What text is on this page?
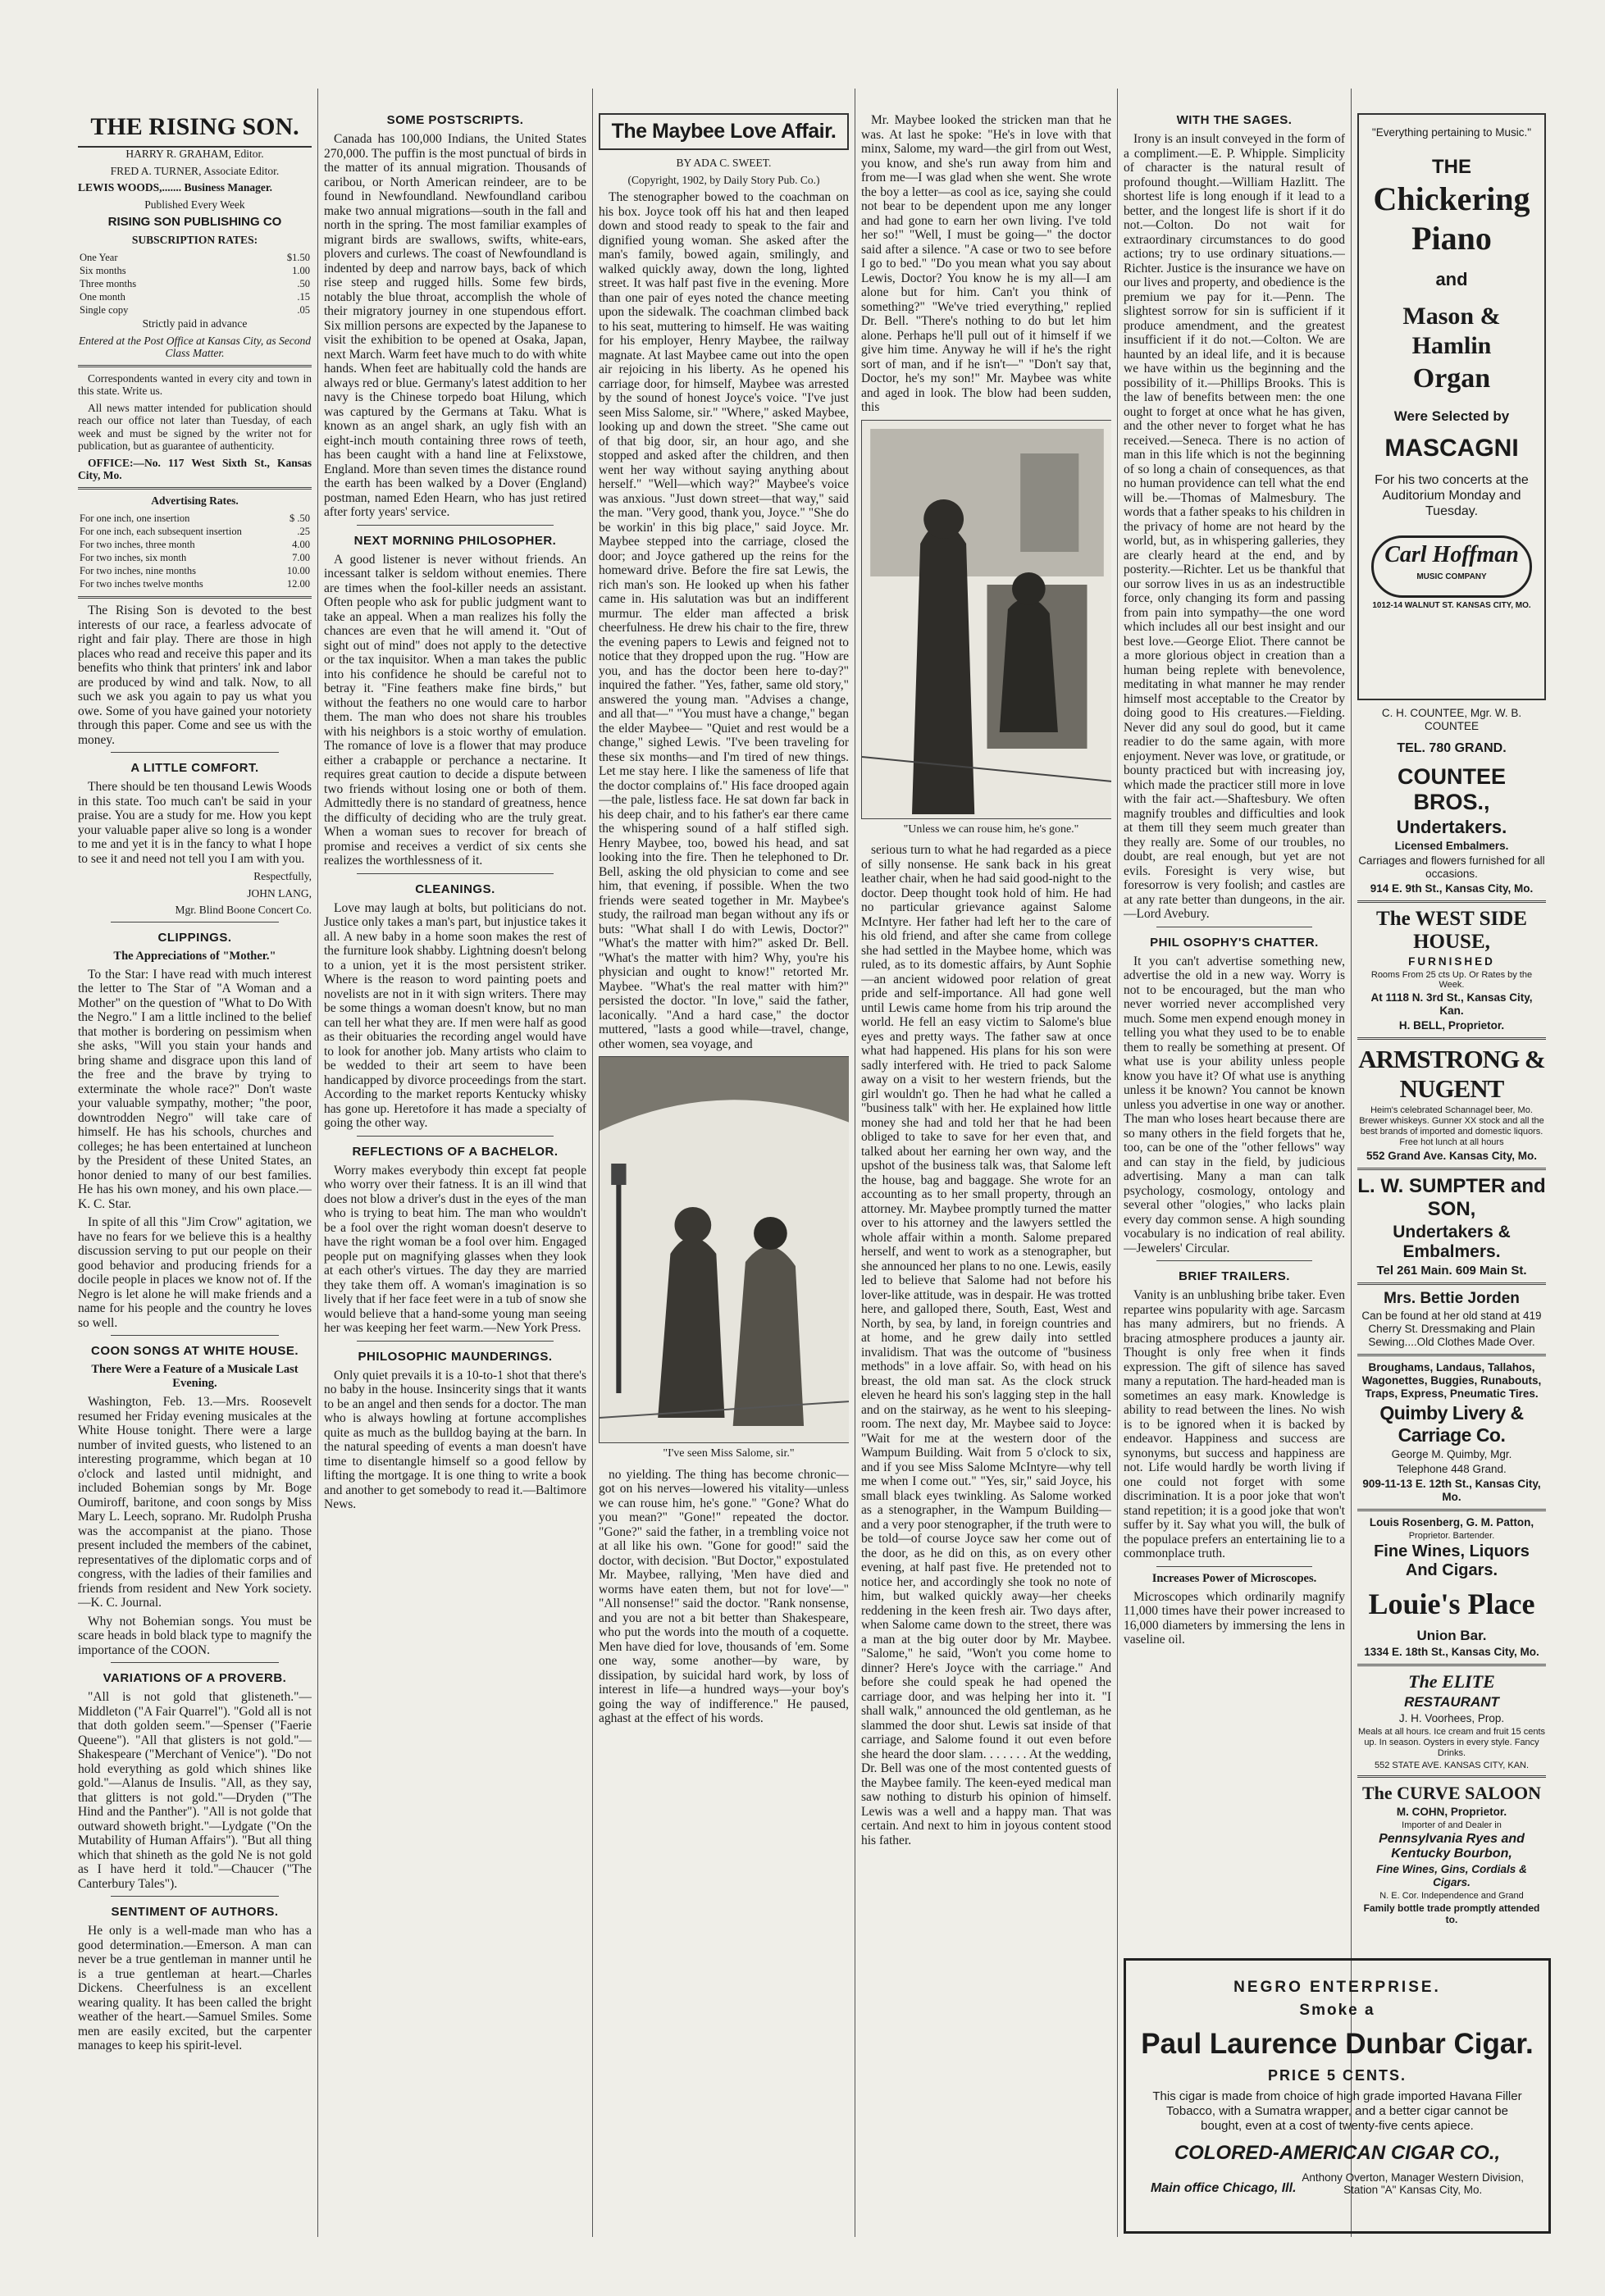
THE RISING SON.

HARRY R. GRAHAM, Editor.

FRED A. TURNER, Associate Editor.

LEWIS WOODS,....... Business Manager.

Published Every Week

RISING SON PUBLISHING CO

SUBSCRIPTION RATES:

One Year	$1.50
Six months	1.00
Three months	.50
One month	.15
Single copy	.05

Strictly paid in advance

Entered at the Post Office at Kansas City, as Second Class Matter.

Correspondents wanted in every city and town in this state. Write us.

All news matter intended for publication should reach our office not later than Tuesday, of each week and must be signed by the writer not for publication, but as guarantee of authenticity.

OFFICE:—No. 117 West Sixth St., Kansas City, Mo.

Advertising Rates.

For one inch, one insertion	$ .50
For one inch, each subsequent insertion	.25
For two inches, three month	4.00
For two inches, six month	7.00
For two inches, nine months	10.00
For two inches twelve months	12.00

The Rising Son is devoted to the best interests of our race, a fearless advocate of right and fair play. There are those in high places who read and receive this paper and its benefits who think that printers' ink and labor are produced by wind and talk. Now, to all such we ask you again to pay us what you owe. Some of you have gained your notoriety through this paper. Come and see us with the money.

A LITTLE COMFORT.

There should be ten thousand Lewis Woods in this state. Too much can't be said in your praise. You are a study for me. How you kept your valuable paper alive so long is a wonder to me and yet it is in the fancy to what I hope to see it and need not tell you I am with you.

Respectfully,

JOHN LANG,

Mgr. Blind Boone Concert Co.

CLIPPINGS.
The Appreciations of "Mother."

To the Star: I have read with much interest the letter to The Star of "A Woman and a Mother" on the question of "What to Do With the Negro." I am a little inclined to the belief that mother is bordering on pessimism when she asks, "Will you stain your hands and bring shame and disgrace upon this land of the free and the brave by trying to exterminate the whole race?" Don't waste your valuable sympathy, mother; "the poor, downtrodden Negro" will take care of himself. He has his schools, churches and colleges; he has been entertained at luncheon by the President of these United States, an honor denied to many of our best families. He has his own money, and his own place.—K. C. Star.

In spite of all this "Jim Crow" agitation, we have no fears for we believe this is a healthy discussion serving to put our people on their good behavior and producing friends for a docile people in places we know not of. If the Negro is let alone he will make friends and a name for his people and the country he loves so well.

COON SONGS AT WHITE HOUSE.
There Were a Feature of a Musicale Last Evening.

Washington, Feb. 13.—Mrs. Roosevelt resumed her Friday evening musicales at the White House tonight. There were a large number of invited guests, who listened to an interesting programme, which began at 10 o'clock and lasted until midnight, and included Bohemian songs by Mr. Boge Oumiroff, baritone, and coon songs by Miss Mary L. Leech, soprano. Mr. Rudolph Prusha was the accompanist at the piano. Those present included the members of the cabinet, representatives of the diplomatic corps and of congress, with the ladies of their families and friends from resident and New York society.—K. C. Journal.

Why not Bohemian songs. You must be scare heads in bold black type to magnify the importance of the COON.

VARIATIONS OF A PROVERB.

"All is not gold that glisteneth."—Middleton ("A Fair Quarrel"). "Gold all is not that doth golden seem."—Spenser ("Faerie Queene"). "All that glisters is not gold."—Shakespeare ("Merchant of Venice"). "Do not hold everything as gold which shines like gold."—Alanus de Insulis. "All, as they say, that glitters is not gold."—Dryden ("The Hind and the Panther"). "All is not golde that outward showeth bright."—Lydgate ("On the Mutability of Human Affairs"). "But all thing which that shineth as the gold Ne is not gold as I have herd it told."—Chaucer ("The Canterbury Tales").

SENTIMENT OF AUTHORS.

He only is a well-made man who has a good determination.—Emerson. A man can never be a true gentleman in manner until he is a true gentleman at heart.—Charles Dickens. Cheerfulness is an excellent wearing quality. It has been called the bright weather of the heart.—Samuel Smiles. Some men are easily excited, but the carpenter manages to keep his spirit-level.

SOME POSTSCRIPTS.

Canada has 100,000 Indians, the United States 270,000. The puffin is the most punctual of birds in the matter of its annual migration. Thousands of caribou, or North American reindeer, are to be found in Newfoundland. Newfoundland caribou make two annual migrations—south in the fall and north in the spring. The most familiar examples of migrant birds are swallows, swifts, white-ears, plovers and curlews. The coast of Newfoundland is indented by deep and narrow bays, back of which rise steep and rugged hills. Some few birds, notably the blue throat, accomplish the whole of their migratory journey in one stupendous effort. Six million persons are expected by the Japanese to visit the exhibition to be opened at Osaka, Japan, next March. Warm feet have much to do with white hands. When feet are habitually cold the hands are always red or blue. Germany's latest addition to her navy is the Chinese torpedo boat Hilung, which was captured by the Germans at Taku. What is known as an angel shark, an ugly fish with an eight-inch mouth containing three rows of teeth, has been caught with a hand line at Felixstowe, England. More than seven times the distance round the earth has been walked by a Dover (England) postman, named Eden Hearn, who has just retired after forty years' service.

NEXT MORNING PHILOSOPHER.

A good listener is never without friends. An incessant talker is seldom without enemies. There are times when the fool-killer needs an assistant. Often people who ask for public judgment want to take an appeal. When a man realizes his folly the chances are even that he will amend it. "Out of sight out of mind" does not apply to the detective or the tax inquisitor. When a man takes the public into his confidence he should be careful not to betray it. "Fine feathers make fine birds," but without the feathers no one would care to harbor them. The man who does not share his troubles with his neighbors is a stoic worthy of emulation. The romance of love is a flower that may produce either a crabapple or perchance a nectarine. It requires great caution to decide a dispute between two friends without losing one or both of them. Admittedly there is no standard of greatness, hence the difficulty of deciding who are the truly great. When a woman sues to recover for breach of promise and receives a verdict of six cents she realizes the worthlessness of it.

CLEANINGS.

Love may laugh at bolts, but politicians do not. Justice only takes a man's part, but injustice takes it all. A new baby in a home soon makes the rest of the furniture look shabby. Lightning doesn't belong to a union, yet it is the most persistent striker. Where is the reason to word painting poets and novelists are not in it with sign writers. There may be some things a woman doesn't know, but no man can tell her what they are. If men were half as good as their obituaries the recording angel would have to look for another job. Many artists who claim to be wedded to their art seem to have been handicapped by divorce proceedings from the start. According to the market reports Kentucky whisky has gone up. Heretofore it has made a specialty of going the other way.

REFLECTIONS OF A BACHELOR.

Worry makes everybody thin except fat people who worry over their fatness. It is an ill wind that does not blow a driver's dust in the eyes of the man who is trying to beat him. The man who wouldn't be a fool over the right woman doesn't deserve to have the right woman be a fool over him. Engaged people put on magnifying glasses when they look at each other's virtues. The day they are married they take them off. A woman's imagination is so lively that if her face feet were in a tub of snow she would believe that a hand-some young man seeing her was keeping her feet warm.—New York Press.

PHILOSOPHIC MAUNDERINGS.

Only quiet prevails it is a 10-to-1 shot that there's no baby in the house. Insincerity sings that it wants to be an angel and then sends for a doctor. The man who is always howling at fortune accomplishes quite as much as the bulldog baying at the barn. In the natural speeding of events a man doesn't have time to disentangle himself so a good fellow by lifting the mortgage. It is one thing to write a book and another to get somebody to read it.—Baltimore News.

The Maybee Love Affair.

BY ADA C. SWEET.

(Copyright, 1902, by Daily Story Pub. Co.)

The stenographer bowed to the coachman on his box. Joyce took off his hat and then leaped down and stood ready to speak to the fair and dignified young woman. She asked after the man's family, bowed again, smilingly, and walked quickly away, down the long, lighted street. It was half past five in the evening. More than one pair of eyes noted the chance meeting upon the sidewalk. The coachman climbed back to his seat, muttering to himself. He was waiting for his employer, Henry Maybee, the railway magnate. At last Maybee came out into the open air rejoicing in his liberty. As he opened his carriage door, for himself, Maybee was arrested by the sound of honest Joyce's voice. "I've just seen Miss Salome, sir." "Where," asked Maybee, looking up and down the street. "She came out of that big door, sir, an hour ago, and she stopped and asked after the children, and then went her way without saying anything about herself." "Well—which way?" Maybee's voice was anxious. "Just down street—that way," said the man. "Very good, thank you, Joyce." "She do be workin' in this big place," said Joyce. Mr. Maybee stepped into the carriage, closed the door; and Joyce gathered up the reins for the homeward drive. Before the fire sat Lewis, the rich man's son. He looked up when his father came in. His salutation was but an indifferent murmur. The elder man affected a brisk cheerfulness. He drew his chair to the fire, threw the evening papers to Lewis and feigned not to notice that they dropped upon the rug. "How are you, and has the doctor been here to-day?" inquired the father. "Yes, father, same old story," answered the young man. "Advises a change, and all that—" "You must have a change," began the elder Maybee— "Quiet and rest would be a change," sighed Lewis. "I've been traveling for these six months—and I'm tired of new things. Let me stay here. I like the sameness of life that the doctor complains of." His face drooped again—the pale, listless face. He sat down far back in his deep chair, and to his father's ear there came the whispering sound of a half stifled sigh. Henry Maybee, too, bowed his head, and sat looking into the fire. Then he telephoned to Dr. Bell, asking the old physician to come and see him, that evening, if possible. When the two friends were seated together in Mr. Maybee's study, the railroad man began without any ifs or buts: "What shall I do with Lewis, Doctor?" "What's the matter with him?" asked Dr. Bell. "What's the matter with him? Why, you're his physician and ought to know!" retorted Mr. Maybee. "What's the real matter with him?" persisted the doctor. "In love," said the father, laconically. "And a hard case," the doctor muttered, "lasts a good while—travel, change, other women, sea voyage, and

"I've seen Miss Salome, sir."

no yielding. The thing has become chronic—got on his nerves—lowered his vitality—unless we can rouse him, he's gone." "Gone? What do you mean?" "Gone!" repeated the doctor. "Gone?" said the father, in a trembling voice not at all like his own. "Gone for good!" said the doctor, with decision. "But Doctor," expostulated Mr. Maybee, rallying, 'Men have died and worms have eaten them, but not for love'—" "All nonsense!" said the doctor. "Rank nonsense, and you are not a bit better than Shakespeare, who put the words into the mouth of a coquette. Men have died for love, thousands of 'em. Some one way, some another—by ware, by dissipation, by suicidal hard work, by loss of interest in life—a hundred ways—your boy's going the way of indifference." He paused, aghast at the effect of his words.

Mr. Maybee looked the stricken man that he was. At last he spoke: "He's in love with that minx, Salome, my ward—the girl from out West, you know, and she's run away from him and from me—I was glad when she went. She wrote the boy a letter—as cool as ice, saying she could not bear to be dependent upon me any longer and had gone to earn her own living. I've told her so!" "Well, I must be going—" the doctor said after a silence. "A case or two to see before I go to bed." "Do you mean what you say about Lewis, Doctor? You know he is my all—I am alone but for him. Can't you think of something?" "We've tried everything," replied Dr. Bell. "There's nothing to do but let him alone. Perhaps he'll pull out of it himself if we give him time. Anyway he will if he's the right sort of man, and if he isn't—" "Don't say that, Doctor, he's my son!" Mr. Maybee was white and aged in look. The blow had been sudden, this

"Unless we can rouse him, he's gone."

serious turn to what he had regarded as a piece of silly nonsense. He sank back in his great leather chair, when he had said good-night to the doctor. Deep thought took hold of him. He had no particular grievance against Salome McIntyre. Her father had left her to the care of his old friend, and after she came from college she had settled in the Maybee home, which was ruled, as to its domestic affairs, by Aunt Sophie—an ancient widowed poor relation of great pride and self-importance. All had gone well until Lewis came home from his trip around the world. He fell an easy victim to Salome's blue eyes and pretty ways. The father saw at once what had happened. His plans for his son were sadly interfered with. He tried to pack Salome away on a visit to her western friends, but the girl wouldn't go. Then he had what he called a "business talk" with her. He explained how little money she had and told her that he had been obliged to take to save for her even that, and talked about her earning her own way, and the upshot of the business talk was, that Salome left the house, bag and baggage. She wrote for an accounting as to her small property, through an attorney. Mr. Maybee promptly turned the matter over to his attorney and the lawyers settled the whole affair within a month. Salome prepared herself, and went to work as a stenographer, but she announced her plans to no one. Lewis, easily led to believe that Salome had not before his lover-like attitude, was in despair. He was trotted here, and galloped there, South, East, West and North, by sea, by land, in foreign countries and at home, and he grew daily into settled invalidism. That was the outcome of "business methods" in a love affair. So, with head on his breast, the old man sat. As the clock struck eleven he heard his son's lagging step in the hall and on the stairway, as he went to his sleeping-room. The next day, Mr. Maybee said to Joyce: "Wait for me at the western door of the Wampum Building. Wait from 5 o'clock to six, and if you see Miss Salome McIntyre—why tell me when I come out." "Yes, sir," said Joyce, his small black eyes twinkling. As Salome worked as a stenographer, in the Wampum Building—and a very poor stenographer, if the truth were to be told—of course Joyce saw her come out of the door, as he did on this, as on every other evening, at half past five. He pretended not to notice her, and accordingly she took no note of him, but walked quickly away—her cheeks reddening in the keen fresh air. Two days after, when Salome came down to the street, there was a man at the big outer door by Mr. Maybee. "Salome," he said, "Won't you come home to dinner? Here's Joyce with the carriage." And before she could speak he had opened the carriage door, and was helping her into it. "I shall walk," announced the old gentleman, as he slammed the door shut. Lewis sat inside of that carriage, and Salome found it out even before she heard the door slam. . . . . . . At the wedding, Dr. Bell was one of the most contented guests of the Maybee family. The keen-eyed medical man saw nothing to disturb his opinion of himself. Lewis was a well and a happy man. That was certain. And next to him in joyous content stood his father.

WITH THE SAGES.

Irony is an insult conveyed in the form of a compliment.—E. P. Whipple. Simplicity of character is the natural result of profound thought.—William Hazlitt. The shortest life is long enough if it lead to a better, and the longest life is short if it do not.—Colton. Do not wait for extraordinary circumstances to do good actions; try to use ordinary situations.—Richter. Justice is the insurance we have on our lives and property, and obedience is the premium we pay for it.—Penn. The slightest sorrow for sin is sufficient if it produce amendment, and the greatest insufficient if it do not.—Colton. We are haunted by an ideal life, and it is because we have within us the beginning and the possibility of it.—Phillips Brooks. This is the law of benefits between men: the one ought to forget at once what he has given, and the other never to forget what he has received.—Seneca. There is no action of man in this life which is not the beginning of so long a chain of consequences, as that no human providence can tell what the end will be.—Thomas of Malmesbury. The words that a father speaks to his children in the privacy of home are not heard by the world, but, as in whispering galleries, they are clearly heard at the end, and by posterity.—Richter. Let us be thankful that our sorrow lives in us as an indestructible force, only changing its form and passing from pain into sympathy—the one word which includes all our best insight and our best love.—George Eliot. There cannot be a more glorious object in creation than a human being replete with benevolence, meditating in what manner he may render himself most acceptable to the Creator by doing good to His creatures.—Fielding. Never did any soul do good, but it came readier to do the same again, with more enjoyment. Never was love, or gratitude, or bounty practiced but with increasing joy, which made the practicer still more in love with the fair act.—Shaftesbury. We often magnify troubles and difficulties and look at them till they seem much greater than they really are. Some of our troubles, no doubt, are real enough, but yet are not evils. Foresight is very wise, but foresorrow is very foolish; and castles are at any rate better than dungeons, in the air.—Lord Avebury.

PHIL OSOPHY'S CHATTER.

It you can't advertise something new, advertise the old in a new way. Worry is not to be encouraged, but the man who never worried never accomplished very much. Some men expend enough money in telling you what they used to be to enable them to really be something at present. Of what use is your ability unless people know you have it? Of what use is anything unless it be known? You cannot be known unless you advertise in one way or another. The man who loses heart because there are so many others in the field forgets that he, too, can be one of the "other fellows" way and can stay in the field, by judicious advertising. Many a man can talk psychology, cosmology, ontology and several other "ologies," who lacks plain every day common sense. A high sounding vocabulary is no indication of real ability.—Jewelers' Circular.

BRIEF TRAILERS.

Vanity is an unblushing bribe taker. Even repartee wins popularity with age. Sarcasm has many admirers, but no friends. A bracing atmosphere produces a jaunty air. Thought is only free when it finds expression. The gift of silence has saved many a reputation. The hard-headed man is sometimes an easy mark. Knowledge is ability to read between the lines. No wish is to be ignored when it is backed by endeavor. Happiness and success are synonyms, but success and happiness are not. Life would hardly be worth living if one could not forget with some discrimination. It is a poor joke that won't stand repetition; it is a good joke that won't suffer by it. Say what you will, the bulk of the populace prefers an entertaining lie to a commonplace truth.

Increases Power of Microscopes.

Microscopes which ordinarily magnify 11,000 times have their power increased to 16,000 diameters by immersing the lens in vaseline oil.

"Everything pertaining to Music."
THE
Chickering
Piano
and
Mason & Hamlin
Organ
Were Selected by
MASCAGNI
For his two concerts at the Auditorium Monday and Tuesday.
Carl Hoffman
MUSIC COMPANY
1012-14 WALNUT ST. KANSAS CITY, MO.
C. H. COUNTEE, Mgr. W. B. COUNTEE
TEL. 780 GRAND.
COUNTEE BROS.,
Undertakers.
Licensed Embalmers.
Carriages and flowers furnished for all occasions.
914 E. 9th St., Kansas City, Mo.
The WEST SIDE HOUSE,
FURNISHED
Rooms From 25 cts Up. Or Rates by the Week.
At 1118 N. 3rd St., Kansas City, Kan.
H. BELL, Proprietor.
ARMSTRONG & NUGENT
Heim's celebrated Schannagel beer, Mo. Brewer whiskeys. Gunner XX stock and all the best brands of imported and domestic liquors. Free hot lunch at all hours
552 Grand Ave. Kansas City, Mo.
L. W. SUMPTER and SON,
Undertakers & Embalmers.
Tel 261 Main. 609 Main St.
Mrs. Bettie Jorden
Can be found at her old stand at 419 Cherry St. Dressmaking and Plain Sewing....Old Clothes Made Over.
Broughams, Landaus, Tallahos, Wagonettes, Buggies, Runabouts, Traps, Express, Pneumatic Tires.
Quimby Livery & Carriage Co.
George M. Quimby, Mgr.
Telephone 448 Grand.
909-11-13 E. 12th St., Kansas City, Mo.
Louis Rosenberg, G. M. Patton,
Proprietor. Bartender.
Fine Wines, Liquors And Cigars.
Louie's Place
Union Bar.
1334 E. 18th St., Kansas City, Mo.
The ELITE
RESTAURANT
J. H. Voorhees, Prop.
Meals at all hours. Ice cream and fruit 15 cents up. In season. Oysters in every style. Fancy Drinks.
552 STATE AVE. KANSAS CITY, KAN.
The CURVE SALOON
M. COHN, Proprietor.
Importer of and Dealer in
Pennsylvania Ryes and Kentucky Bourbon,
Fine Wines, Gins, Cordials & Cigars.
N. E. Cor. Independence and Grand
Family bottle trade promptly attended to.
NEGRO ENTERPRISE.
Smoke a
Paul Laurence Dunbar Cigar.
PRICE 5 CENTS.
This cigar is made from choice of high grade imported Havana Filler Tobacco, with a Sumatra wrapper, and a better cigar cannot be bought, even at a cost of twenty-five cents apiece.
COLORED-AMERICAN CIGAR CO.,
Main office Chicago, Ill.
Anthony Overton, Manager Western Division,
Station "A" Kansas City, Mo.
